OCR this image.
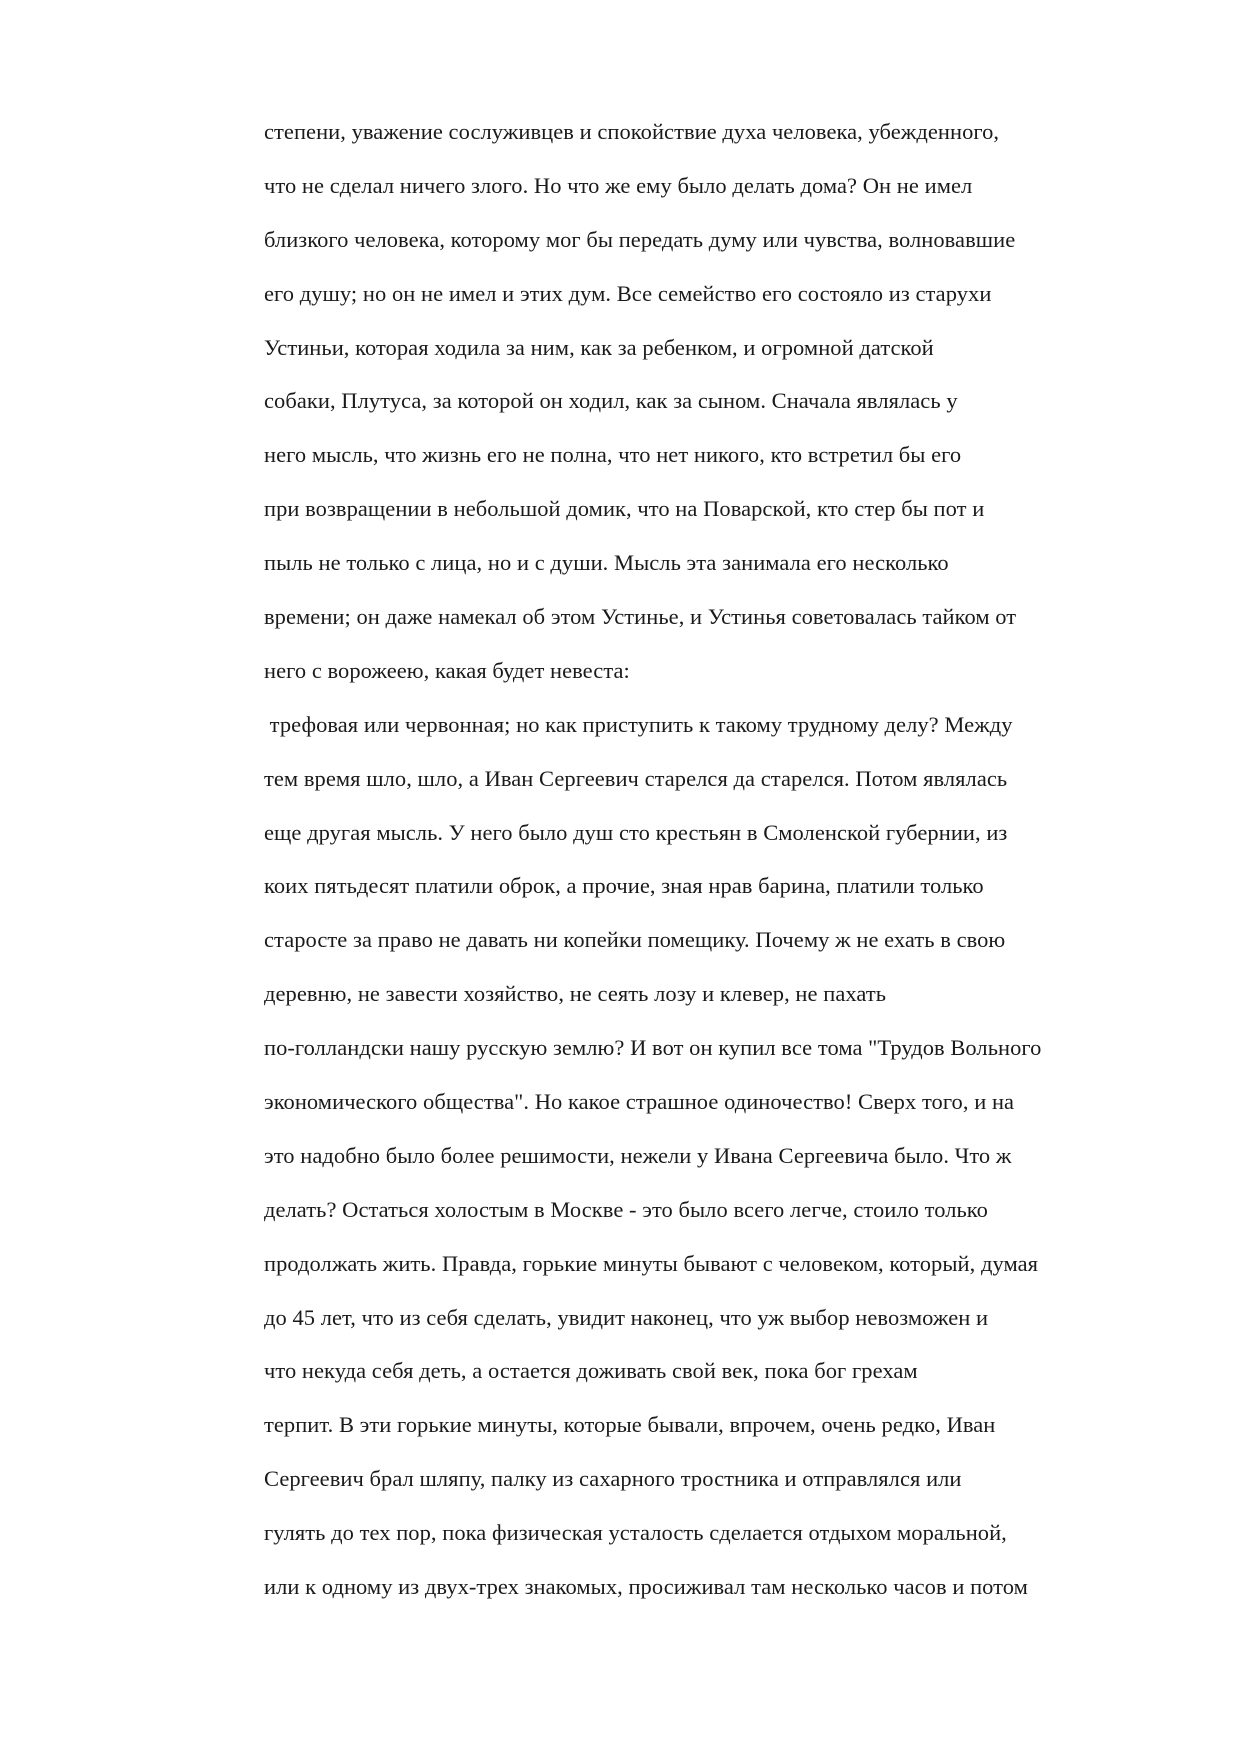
степени, уважение сослуживцев и спокойствие духа человека, убежденного,
что не сделал ничего злого. Но что же ему было делать дома? Он не имел
близкого человека, которому мог бы передать думу или чувства, волновавшие
его душу; но он не имел и этих дум. Все семейство его состояло из старухи
Устиньи, которая ходила за ним, как за ребенком, и огромной датской
собаки, Плутуса, за которой он ходил, как за сыном. Сначала являлась у
него мысль, что жизнь его не полна, что нет никого, кто встретил бы его
при возвращении в небольшой домик, что на Поварской, кто стер бы пот и
пыль не только с лица, но и с души. Мысль эта занимала его несколько
времени; он даже намекал об этом Устинье, и Устинья советовалась тайком от
него с ворожеею, какая будет невеста:
трефовая или червонная; но как приступить к такому трудному делу? Между
тем время шло, шло, а Иван Сергеевич старелся да старелся. Потом являлась
еще другая мысль. У него было душ сто крестьян в Смоленской губернии, из
коих пятьдесят платили оброк, а прочие, зная нрав барина, платили только
старосте за право не давать ни копейки помещику. Почему ж не ехать в свою
деревню, не завести хозяйство, не сеять лозу и клевер, не пахать
по-голландски нашу русскую землю? И вот он купил все тома "Трудов Вольного
экономического общества". Но какое страшное одиночество! Сверх того, и на
это надобно было более решимости, нежели у Ивана Сергеевича было. Что ж
делать? Остаться холостым в Москве - это было всего легче, стоило только
продолжать жить. Правда, горькие минуты бывают с человеком, который, думая
до 45 лет, что из себя сделать, увидит наконец, что уж выбор невозможен и
что некуда себя деть, а остается доживать свой век, пока бог грехам
терпит. В эти горькие минуты, которые бывали, впрочем, очень редко, Иван
Сергеевич брал шляпу, палку из сахарного тростника и отправлялся или
гулять до тех пор, пока физическая усталость сделается отдыхом моральной,
или к одному из двух-трех знакомых, просиживал там несколько часов и потом
